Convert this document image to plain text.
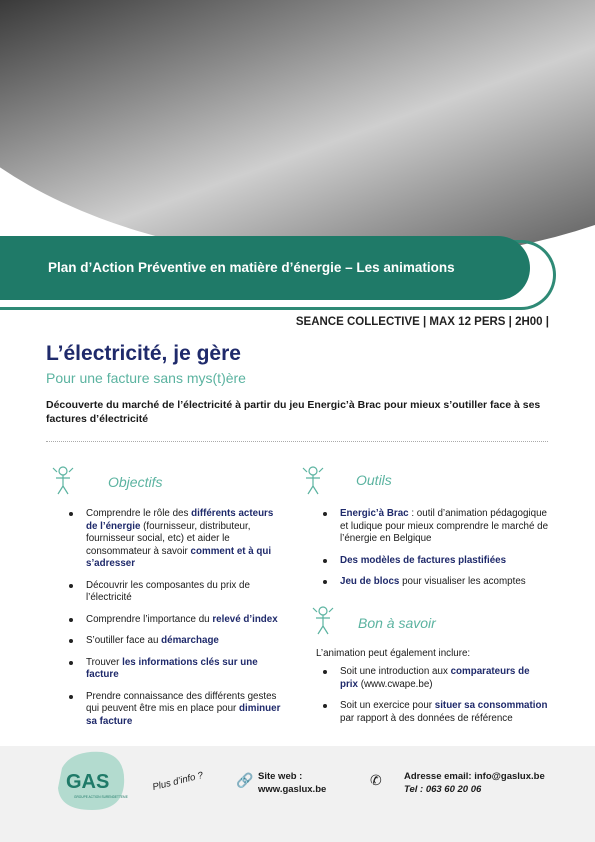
Plan d’Action Préventive en matière d’énergie – Les animations
SEANCE COLLECTIVE | MAX 12 PERS | 2H00 |
L’électricité, je gère
Pour une facture sans mys(t)ère
Découverte du marché de l’électricité à partir du jeu Energic’à Brac pour mieux s’outiller face à ses factures d’électricité
Objectifs
Comprendre le rôle des différents acteurs de l’énergie (fournisseur, distributeur, fournisseur social, etc) et aider le consommateur à savoir comment et à qui s’adresser
Découvrir les composantes du prix de l’électricité
Comprendre l’importance du relevé d’index
S’outiller face au démarchage
Trouver les informations clés sur une facture
Prendre connaissance des différents gestes qui peuvent être mis en place pour diminuer sa facture
Outils
Energic’à Brac : outil d’animation pédagogique et ludique pour mieux comprendre le marché de l’énergie en Belgique
Des modèles de factures plastifiées
Jeu de blocs pour visualiser les acomptes
Bon à savoir
L’animation peut également inclure:
Soit une introduction aux comparateurs de prix (www.cwape.be)
Soit un exercice pour situer sa consommation par rapport à des données de référence
GAS
GROUPE ACTION SURENDETTEMENT
Plus d’info ? 🔗 Site web :
www.gaslux.be
✆ Adresse email: info@gaslux.be
Tel : 063 60 20 06
